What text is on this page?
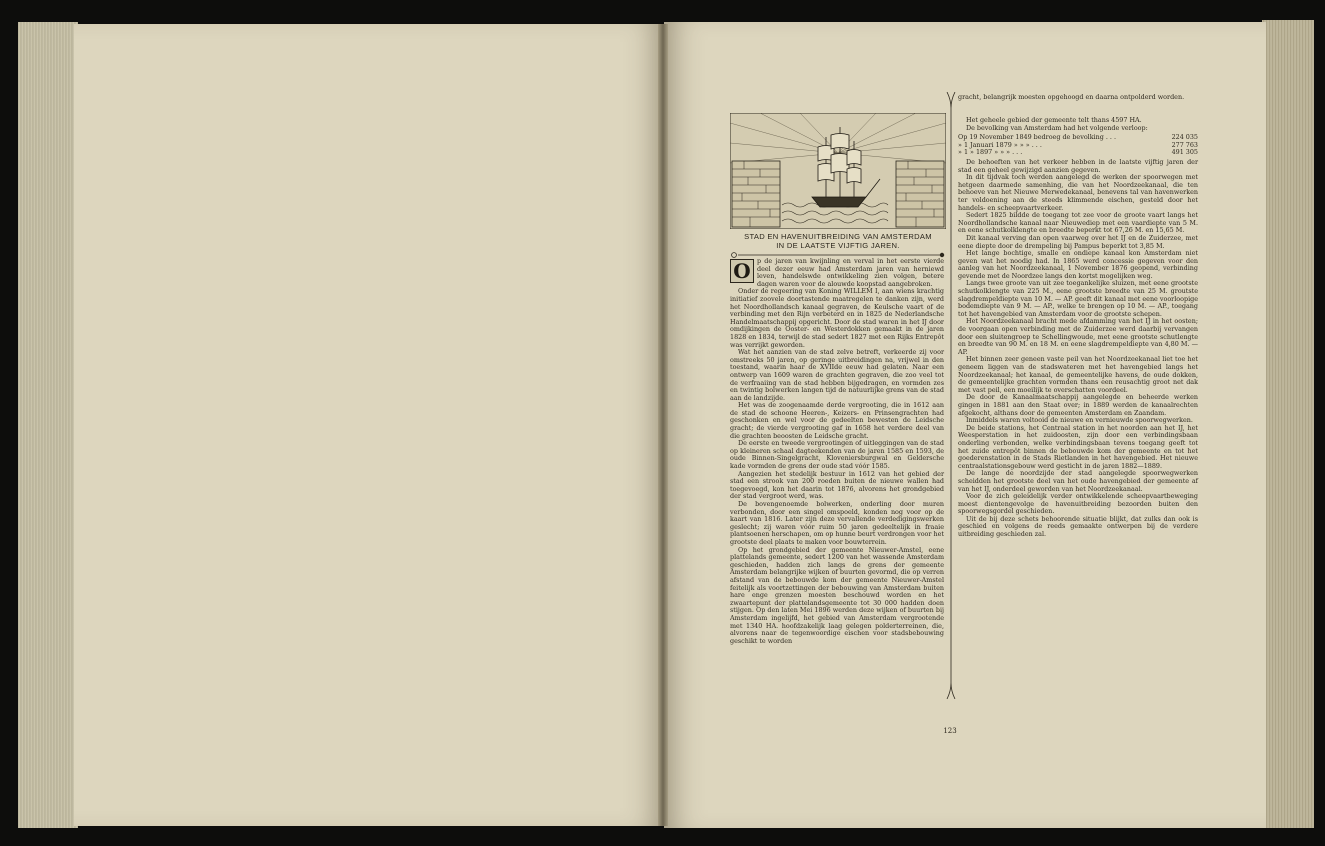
STAD EN HAVENUITBREIDING VAN AMSTERDAM
IN DE LAATSTE VIJFTIG JAREN.
O p de jaren van kwijnling en verval in het eerste vierde deel dezer eeuw had Amsterdam jaren van herniewd leven, handelswde ontwikkeling zien volgen, betere dagen waren voor de alouwde koopstad aangebroken.

Onder de regeering van Koning WILLEM I, aan wiens krachtig initiatief zoovele doortastende maatregelen te danken zijn, werd het Noordhollandsch kanaal gegraven, de Keulsche vaart of de verbinding met den Rijn verbeterd en in 1825 de Nederlandsche Handelmaatschappij opgericht. Door de stad waren in het IJ door omdijkingen de Ooster- en Westerdokken gemaakt in de jaren 1828 en 1834, terwijl de stad sedert 1827 met een Rijks Entrepôt was verrijkt geworden.

Wat het aanzien van de stad zelve betreft, verkeerde zij voor omstreeks 50 jaren, op geringe uitbreidingen na, vrijwel in den toestand, waarin haar de XVIIde eeuw had gelaten. Naar een ontwerp van 1609 waren de grachten gegraven, die zoo veel tot de verfraaiing van de stad hebben bijgedragen, en vormden zes en twintig bolwerken langen tijd de natuurlijke grens van de stad aan de landzijde.

Het was de zoogenaamde derde vergrooting, die in 1612 aan de stad de schoone Heeren-, Keizers- en Prinsengrachten had geschonken en wel voor de gedeelten bewesten de Leidsche gracht; de vierde vergrooting gaf in 1658 het verdere deel van die grachten beoosten de Leidsche gracht.

De eerste en tweede vergrootingen of uitleggingen van de stad op kleineren schaal dagteekenden van de jaren 1585 en 1593, de oude Binnen-Singelgracht, Kloveniersburgwal en Geldersche kade vormden de grens der oude stad vóór 1585.

Aangezien het stedelijk bestuur in 1612 van het gebied der stad een strook van 200 roeden buiten de nieuwe wallen had toegevoegd, kon het daarin tot 1876, alvorens het grondgebied der stad vergroot werd, was.

De bovengenoemde bolwerken, onderling door muren verbonden, door een singel omspoeld, konden nog voor op de kaart van 1816. Later zijn deze vervallende verdedigingswerken geslecht; zij waren vóór ruim 50 jaren gedeeltelijk in fraaie plantsoenen herschapen, om op hunne beurt verdrongen voor het grootste deel plaats te maken voor bouwterrein.

Op het grondgebied der gemeente Nieuwer-Amstel, eene plattelands gemeente, sedert 1200 van het wassende Amsterdam geschieden, hadden zich langs de grens der gemeente Amsterdam belangrijke wijken of buurten gevormd, die op verren afstand van de bebouwde kom der gemeente Nieuwer-Amstel feitelijk als voortzettingen der bebouwing van Amsterdam buiten hare enge grenzen moesten beschouwd worden en het zwaartepunt der plattelandsgemeente tot 30 000 hadden doen stijgen. Op den laten Mei 1896 werden deze wijken of buurten bij Amsterdam ingelijfd, het gebied van Amsterdam vergrootende met 1340 HA. hoofdzakelijk laag gelegen polderterreinen, die, alvorens naar de tegenwoordige eischen voor stadsbebouwing geschikt te worden

gracht, belangrijk moesten opgehoogd en daarna ontpolderd worden.

Het geheele gebied der gemeente telt thans 4597 HA.

De bevolking van Amsterdam had het volgende verloop:

Op 19 November 1849 bedroeg de bevolking . . .	224 035
» 1 Januari 1879 » » » . . .	277 763
» 1 » 1897 » » » . . .	491 305

De behoeften van het verkeer hebben in de laatste vijftig jaren der stad een geheel gewijzigd aanzien gegeven.

In dit tijdvak toch werden aangelegd de werken der spoorwegen met hetgeen daarmede samenhing, die van het Noordzeekanaal, die ten behoeve van het Nieuwe Merwedekanaal, benevens tal van havenwerken ter voldoening aan de steeds klimmende eischen, gesteld door het handels- en scheepvaartverkeer.

Sedert 1825 bildde de toegang tot zee voor de groote vaart langs het Noordhollandsche kanaal naar Nieuwediep met een vaardiepte van 5 M. en eene schutkolklengte en breedte beperkt tot 67,26 M. en 15,65 M.

Dit kanaal verving dan open vaarweg over het IJ en de Zuiderzee, met eene diepte door de drempeling bij Pampus beperkt tot 3,85 M.

Het lange bochtige, smalle en ondiepe kanaal kon Amsterdam niet geven wat het noodig had. In 1865 werd concessie gegeven voor den aanleg van het Noordzeekanaal, 1 November 1876 geopend, verbinding gevende met de Noordzee langs den kortst mogelijken weg.

Langs twee groote van uit zee toegankelijke sluizen, met eene grootste schutkolklengte van 225 M., eene grootste breedte van 25 M. groutste slagdrempeldiepte van 10 M. — AP. geeft dit kanaal met eene voorloopige bodemdiepte van 9 M. — AP., welke te brengen op 10 M. — AP., toegang tot het havengebied van Amsterdam voor de grootste schepen.

Het Noordzeekanaal bracht mede afdamming van het IJ in het oosten; de voorgaan open verbinding met de Zuiderzee werd daarbij vervangen door een sluitengroep te Schellingwoude, met eene grootste schutlengte en breedte van 90 M. en 18 M. en eene slagdrempeldiepte van 4,80 M. — AP.

Het binnen zeer geneen vaste peil van het Noordzeekanaal liet toe het geneem liggen van de stadswateren met het havengebied langs het Noordzeekanaal; het kanaal, de gemeentelijke havens, de oude dokken, de gemeentelijke grachten vormden thans een reusachtig groot net dak met vast peil, een moeilijk te overschatten voordeel.

De door de Kanaalmaatschappij aangelegde en beheerde werken gingen in 1881 aan den Staat over; in 1889 werden de kanaalrechten afgekocht, althans door de gemeenten Amsterdam en Zaandam.

Inmiddels waren voltooid de nieuwe en vernieuwde spoorwegwerken.

De beide stations, het Centraal station in het noorden aan het IJ, het Weesperstation in het zuidoosten, zijn door een verbindingsbaan onderling verbonden, welke verbindingsbaan tevens toegang geeft tot het zuide entrepôt binnen de bebouwde kom der gemeente en tot het goederenstation in de Stads Rietlanden in het havengebied. Het nieuwe centraalstationsgebouw werd gesticht in de jaren 1882—1889.

De lange de noordzijde der stad aangelegde spoorwegwerken scheidden het grootste deel van het oude havengebied der gemeente af van het IJ, onderdeel geworden van het Noordzeekanaal.

Voor de zich geleidelijk verder ontwikkelende scheepvaartbeweging moest dientengevolge de havenuitbreiding bezoorden buiten den spoorwegsgordel geschieden.

Uit de bij deze schets behoorende situatie blijkt, dat zulks dan ook is geschied en volgens de reeds gemaakte ontwerpen bij de verdere uitbreiding geschieden zal.

123
